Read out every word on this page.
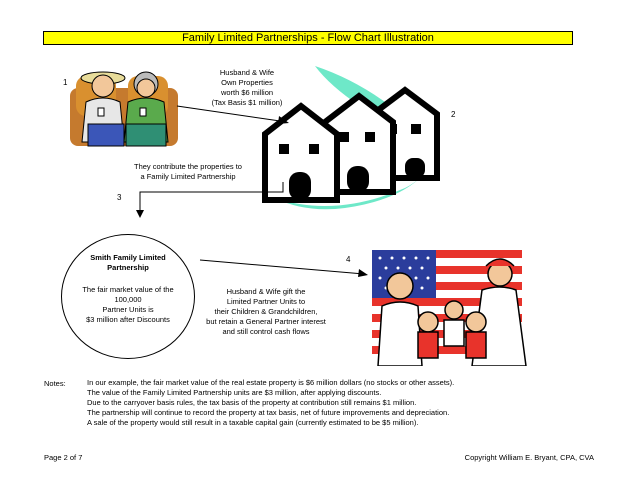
Family Limited Partnerships - Flow Chart Illustration
1
2
3
4
Husband & Wife
Own Properties
worth $6 million
(Tax Basis $1 million)
They contribute the properties to
a Family Limited Partnership
Smith Family Limited
Partnership
The fair market value of the
100,000
Partner Units is
$3 million after Discounts
Husband & Wife gift the
Limited Partner Units to
their Children & Grandchildren,
but retain a General Partner interest
and still control cash flows
Notes:	In our example, the fair market value of the real estate property is $6 million dollars (no stocks or other assets).
The value of the Family Limited Partnership units are $3 million, after applying discounts.
Due to the carryover basis rules, the tax basis of the property at contribution still remains $1 million.
The partnership will continue to record the property at tax basis, net of future improvements and depreciation.
A sale of the property would still result in a taxable capital gain (currently estimated to be $5 million).
Page 2 of 7	Copyright William E. Bryant, CPA, CVA
